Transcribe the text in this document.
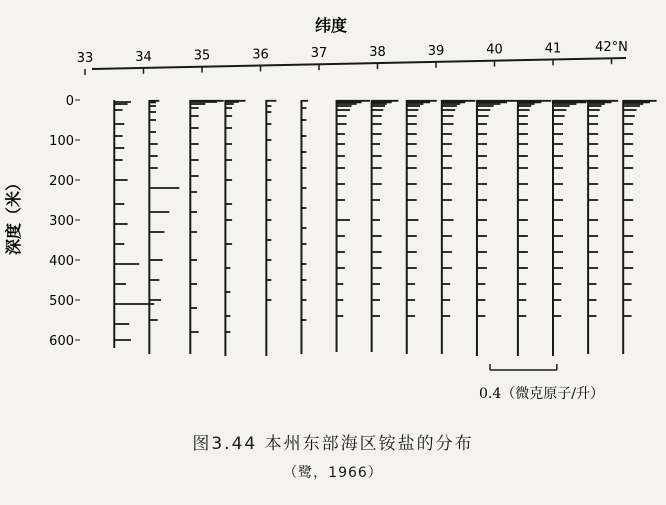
纬度
33	34	35	36	37	38	39	40	41	42°N
深度（米）
0
100
200
300
400
500
600
0.4（微克原子/升）
图3.44 本州东部海区铵盐的分布
（鹭，1966）
